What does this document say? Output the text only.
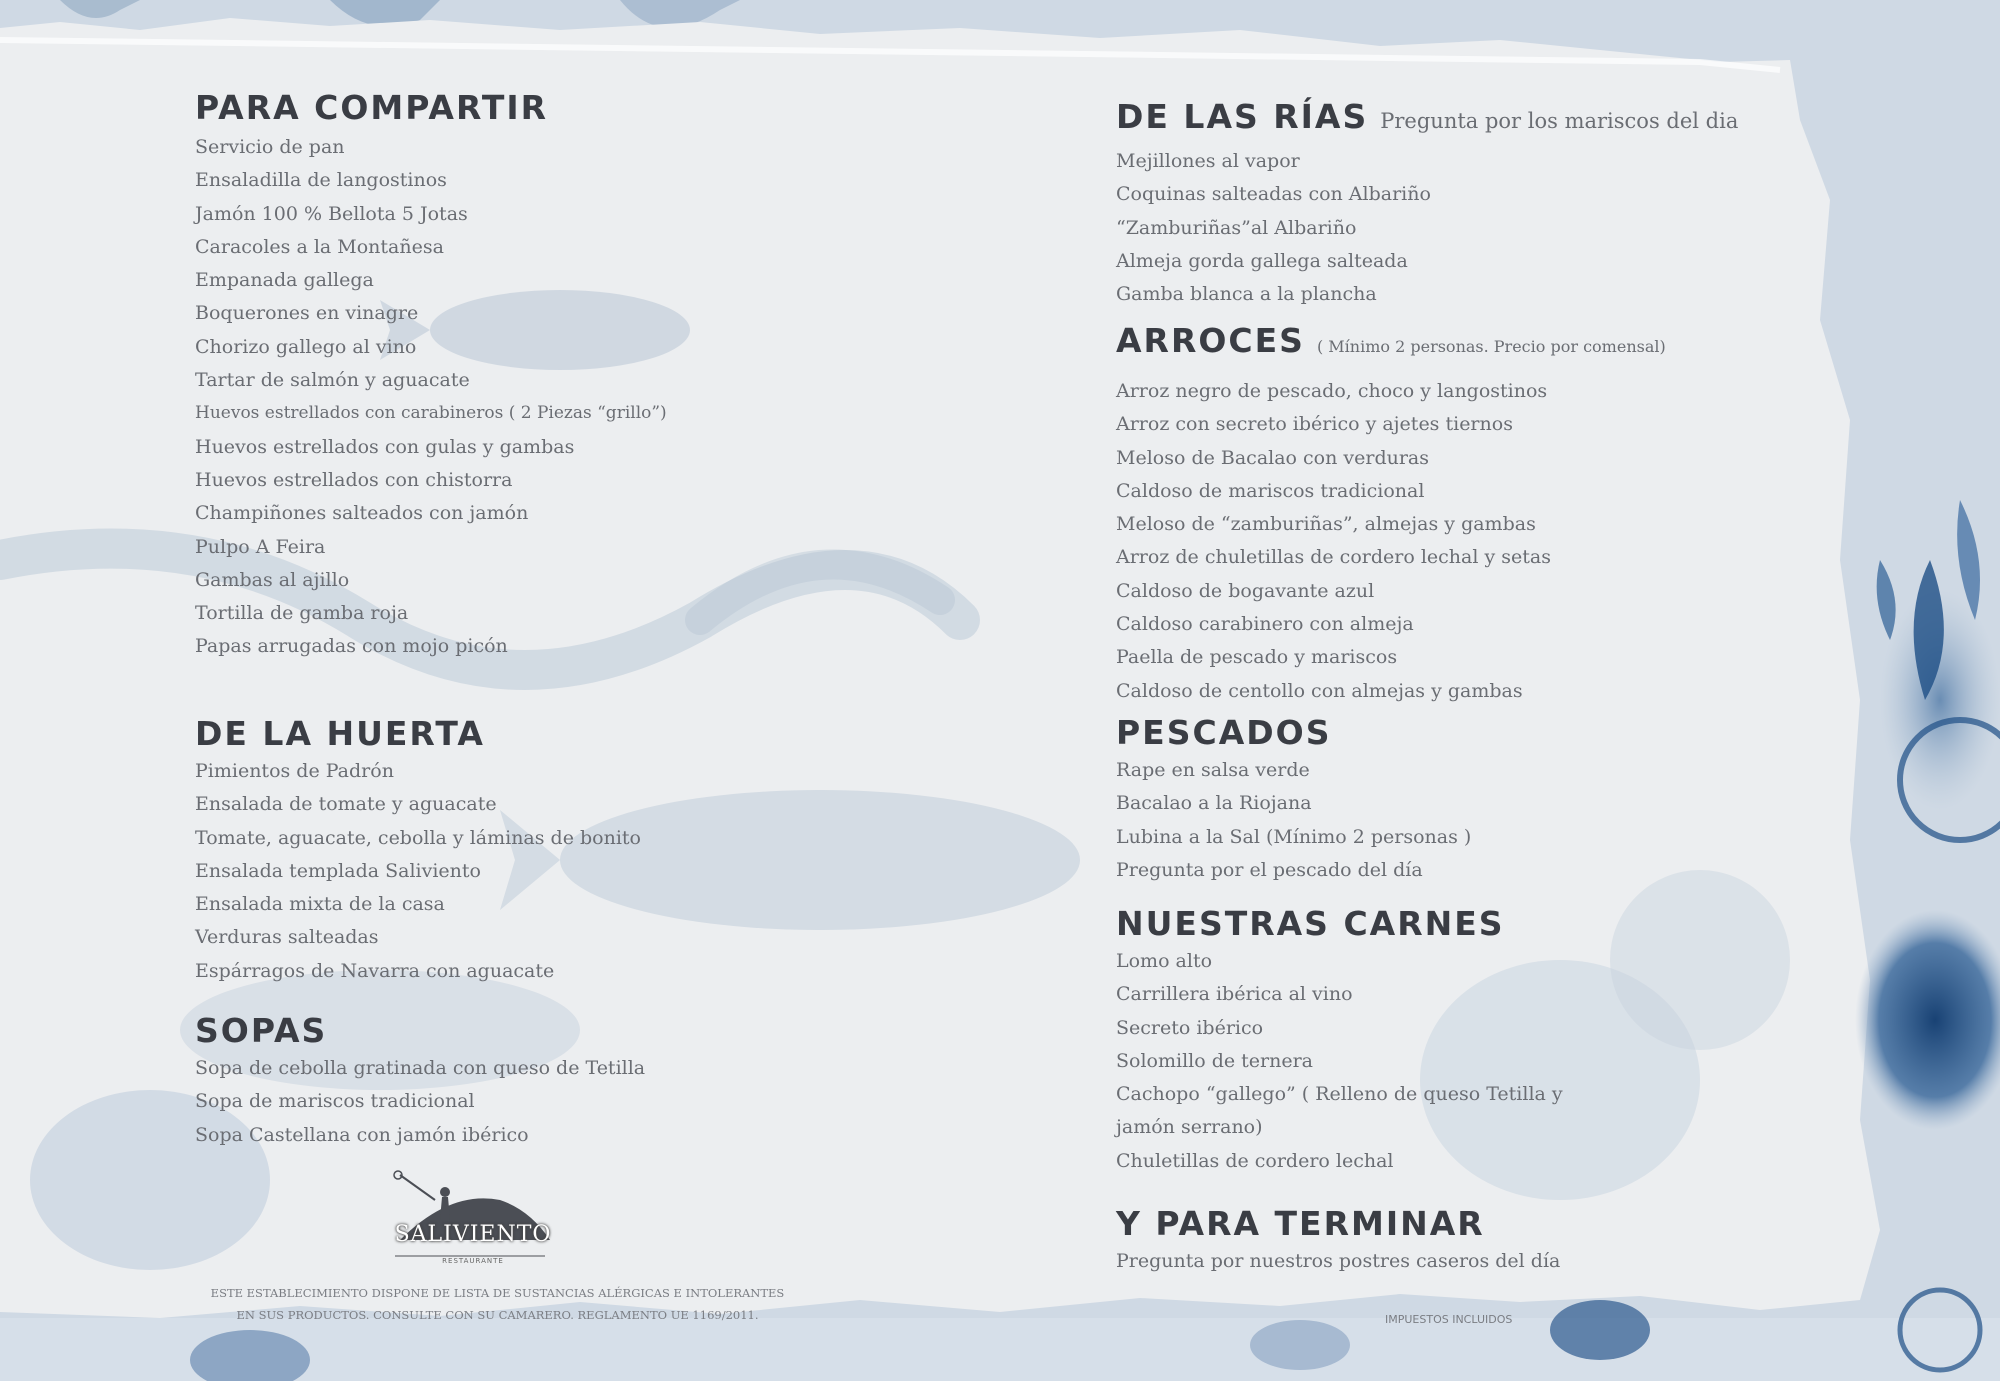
PARA COMPARTIR
Servicio de pan
Ensaladilla de langostinos
Jamón 100 % Bellota 5 Jotas
Caracoles a la Montañesa
Empanada gallega
Boquerones en vinagre
Chorizo gallego al vino
Tartar de salmón y aguacate
Huevos estrellados con carabineros ( 2 Piezas “grillo”)
Huevos estrellados con gulas y gambas
Huevos estrellados con chistorra
Champiñones salteados con jamón
Pulpo A Feira
Gambas al ajillo
Tortilla de gamba roja
Papas arrugadas con mojo picón
DE LA HUERTA
Pimientos de Padrón
Ensalada de tomate y aguacate
Tomate, aguacate, cebolla y láminas de bonito
Ensalada templada Saliviento
Ensalada mixta de la casa
Verduras salteadas
Espárragos de Navarra con aguacate
SOPAS
Sopa de cebolla gratinada con queso de Tetilla
Sopa de mariscos tradicional
Sopa Castellana con jamón ibérico
SALIVIENTO
RESTAURANTE
ESTE ESTABLECIMIENTO DISPONE DE LISTA DE SUSTANCIAS ALÉRGICAS E INTOLERANTES EN SUS PRODUCTOS. CONSULTE CON SU CAMARERO. REGLAMENTO UE 1169/2011.
DE LAS RÍAS Pregunta por los mariscos del dia
Mejillones al vapor
Coquinas salteadas con Albariño
“Zamburiñas”al Albariño
Almeja gorda gallega salteada
Gamba blanca a la plancha
ARROCES ( Mínimo 2 personas. Precio por comensal)
Arroz negro de pescado, choco y langostinos
Arroz con secreto ibérico y ajetes tiernos
Meloso de Bacalao con verduras
Caldoso de mariscos tradicional
Meloso de “zamburiñas”, almejas y gambas
Arroz de chuletillas de cordero lechal y setas
Caldoso de bogavante azul
Caldoso carabinero con almeja
Paella de pescado y mariscos
Caldoso de centollo con almejas y gambas
PESCADOS
Rape en salsa verde
Bacalao a la Riojana
Lubina a la Sal (Mínimo 2 personas )
Pregunta por el pescado del día
NUESTRAS CARNES
Lomo alto
Carrillera ibérica al vino
Secreto ibérico
Solomillo de ternera
Cachopo “gallego” ( Relleno de queso Tetilla y jamón serrano)
Chuletillas de cordero lechal
Y PARA TERMINAR
Pregunta por nuestros postres caseros del día
IMPUESTOS INCLUIDOS
